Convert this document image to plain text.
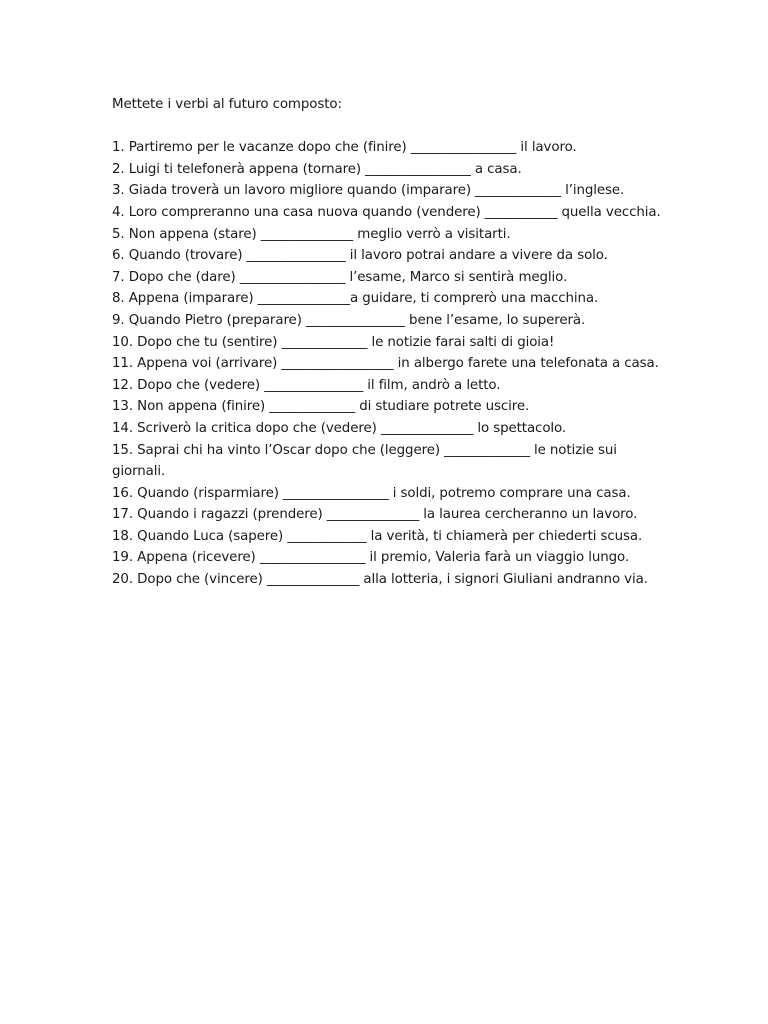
Mettete i verbi al futuro composto:

1. Partiremo per le vacanze dopo che (finire) ________________ il lavoro.
2. Luigi ti telefonerà appena (tornare) ________________ a casa.
3. Giada troverà un lavoro migliore quando (imparare) _____________ l’inglese.
4. Loro compreranno una casa nuova quando (vendere) ___________ quella vecchia.
5. Non appena (stare) ______________ meglio verrò a visitarti.
6. Quando (trovare) _______________ il lavoro potrai andare a vivere da solo.
7. Dopo che (dare) ________________ l’esame, Marco si sentirà meglio.
8. Appena (imparare) ______________a guidare, ti comprerò una macchina.
9. Quando Pietro (preparare) _______________ bene l’esame, lo supererà.
10. Dopo che tu (sentire) _____________ le notizie farai salti di gioia!
11. Appena voi (arrivare) _________________ in albergo farete una telefonata a casa.
12. Dopo che (vedere) _______________ il film, andrò a letto.
13. Non appena (finire) _____________ di studiare potrete uscire.
14. Scriverò la critica dopo che (vedere) ______________ lo spettacolo.
15. Saprai chi ha vinto l’Oscar dopo che (leggere) _____________ le notizie sui giornali.
16. Quando (risparmiare) ________________ i soldi, potremo comprare una casa.
17. Quando i ragazzi (prendere) ______________ la laurea cercheranno un lavoro.
18. Quando Luca (sapere) ____________ la verità, ti chiamerà per chiederti scusa.
19. Appena (ricevere) ________________ il premio, Valeria farà un viaggio lungo.
20. Dopo che (vincere) ______________ alla lotteria, i signori Giuliani andranno via.
